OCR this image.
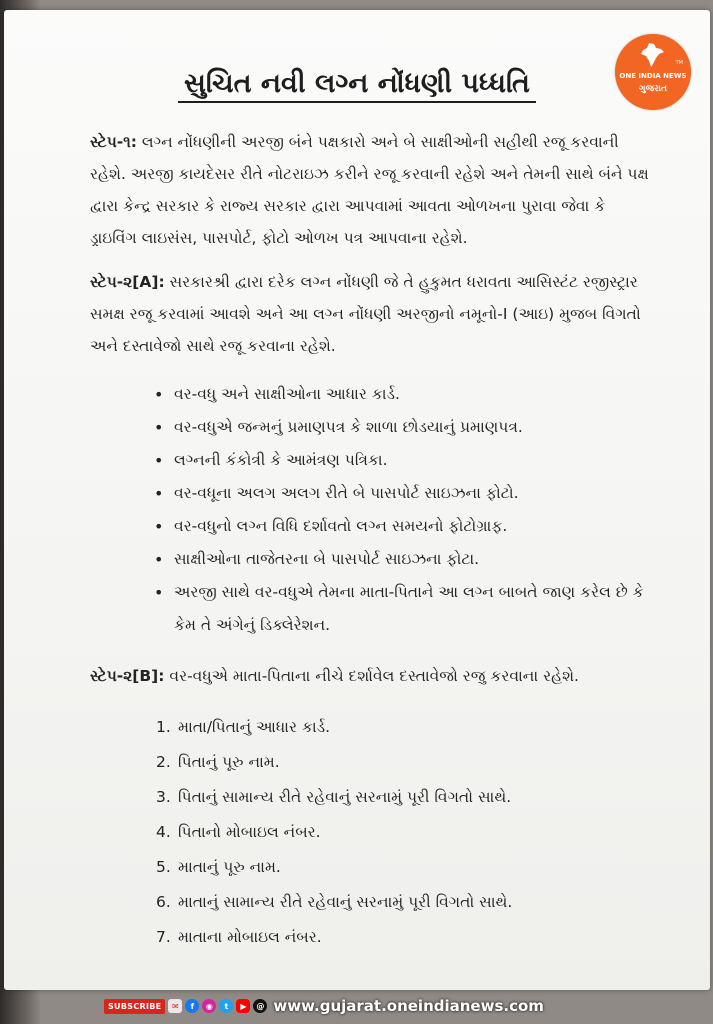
સુચિત નવી લગ્ન નોંધણી પધ્ધતિ
TM
ONE INDIA NEWS
ગુજરાત
સ્ટેપ-૧: લગ્ન નોંધણીની અરજી બંને પક્ષકારો અને બે સાક્ષીઓની સહીથી રજૂ કરવાની રહેશે. અરજી કાયદેસર રીતે નોટરાઇઝ કરીને રજૂ કરવાની રહેશે અને તેમની સાથે બંને પક્ષ દ્વારા કેન્દ્ર સરકાર કે રાજ્ય સરકાર દ્વારા આપવામાં આવતા ઓળખના પુરાવા જેવા કે ડ્રાઇવિંગ લાઇસંસ, પાસપોર્ટ, ફોટો ઓળખ પત્ર આપવાના રહેશે.
સ્ટેપ-૨[A]: સરકારશ્રી દ્વારા દરેક લગ્ન નોંધણી જે તે હુકુમત ધરાવતા આસિસ્ટંટ રજીસ્ટ્રાર સમક્ષ રજૂ કરવામાં આવશે અને આ લગ્ન નોંધણી અરજીનો નમૂનો-I (આઇ) મુજબ વિગતો અને દસ્તાવેજો સાથે રજૂ કરવાના રહેશે.
• વર-વધુ અને સાક્ષીઓના આધાર કાર્ડ.
• વર-વધુએ જન્મનું પ્રમાણપત્ર કે શાળા છોડયાનું પ્રમાણપત્ર.
• લગ્નની કંકોત્રી કે આમંત્રણ પત્રિકા.
• વર-વધૂના અલગ અલગ રીતે બે પાસપોર્ટ સાઇઝના ફોટો.
• વર-વધુનો લગ્ન વિધિ દર્શાવતો લગ્ન સમયનો ફોટોગ્રાફ.
• સાક્ષીઓના તાજેતરના બે પાસપોર્ટ સાઇઝના ફોટા.
• અરજી સાથે વર-વધુએ તેમના માતા-પિતાને આ લગ્ન બાબતે જાણ કરેલ છે કે કેમ તે અંગેનું ડિક્લેરેશન.
સ્ટેપ-૨[B]: વર-વધુએ માતા-પિતાના નીચે દર્શાવેલ દસ્તાવેજો રજુ કરવાના રહેશે.
1. માતા/પિતાનું આધાર કાર્ડ.
2. પિતાનું પૂરુ નામ.
3. પિતાનું સામાન્ય રીતે રહેવાનું સરનામું પૂરી વિગતો સાથે.
4. પિતાનો મોબાઇલ નંબર.
5. માતાનું પૂરુ નામ.
6. માતાનું સામાન્ય રીતે રહેવાનું સરનામું પૂરી વિગતો સાથે.
7. માતાના મોબાઇલ નંબર.
SUBSCRIBE	✉	f	◉	t	▶	@ www.gujarat.oneindianews.com
